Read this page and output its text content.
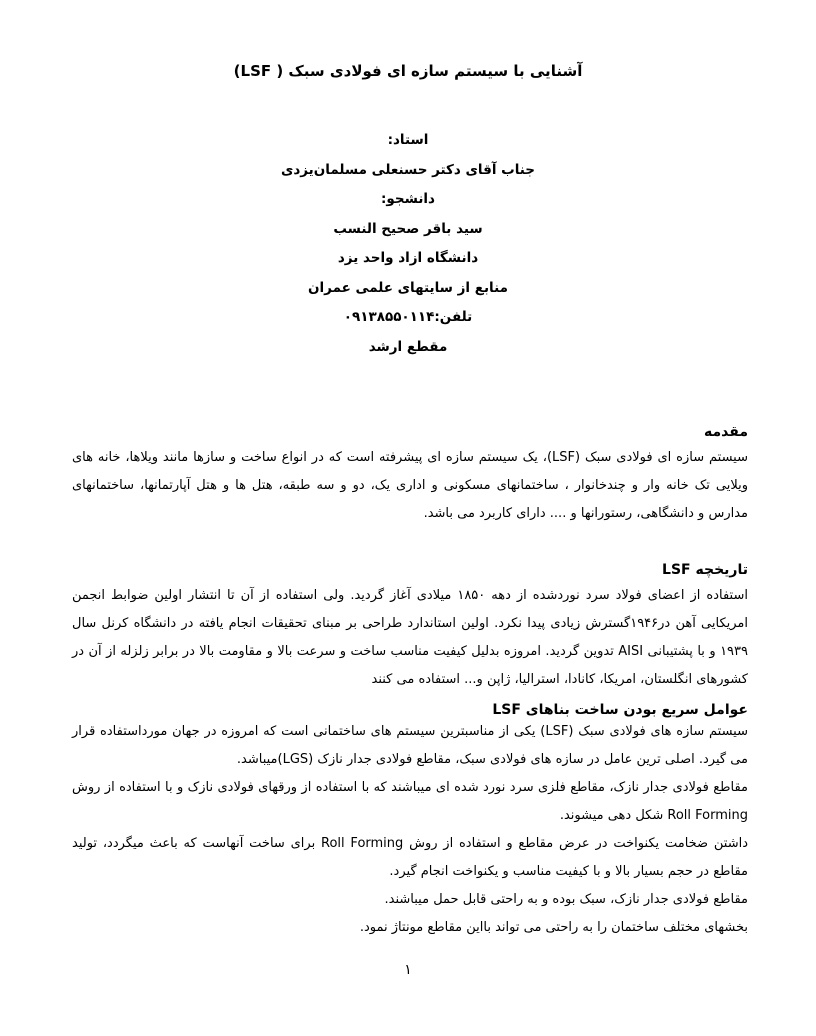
آشنایی با سیستم سازه ای فولادی سبک ( LSF)
استاد:
جناب آقای دکتر حسنعلی مسلمان‌یزدی
دانشجو:
سید باقر صحیح النسب
دانشگاه ازاد واحد یزد
منابع از سایتهای علمی عمران
تلفن:۰۹۱۳۸۵۵۰۱۱۴
مقطع ارشد

مقدمه

سیستم سازه ای فولادی سبک (LSF)، یک سیستم سازه ای پیشرفته است که در انواع ساخت و سازها مانند ویلاها، خانه های ویلایی تک خانه وار و چندخانوار ، ساختمانهای مسکونی و اداری یک، دو و سه طبقه، هتل ها و هتل آپارتمانها، ساختمانهای مدارس و دانشگاهی، رستورانها و .... دارای کاربرد می باشد.

تاریخچه LSF

استفاده از اعضای فولاد سرد نوردشده از دهه ۱۸۵۰ میلادی آغاز گردید. ولی استفاده از آن تا انتشار اولین ضوابط انجمن امریکایی آهن در۱۹۴۶گسترش زیادی پیدا نکرد. اولین استاندارد طراحی بر مبنای تحقیقات انجام یافته در دانشگاه کرنل سال ۱۹۳۹ و با پشتیبانی AISI تدوین گردید. امروزه بدلیل کیفیت مناسب ساخت و سرعت بالا و مقاومت بالا در برابر زلزله از آن در کشورهای انگلستان، امریکا، کانادا، استرالیا، ژاپن و... استفاده می کنند

عوامل سریع بودن ساخت بناهای LSF

سیستم سازه های فولادی سبک (LSF) یکی از مناسبترین سیستم های ساختمانی است که امروزه در جهان مورداستفاده قرار می گیرد. اصلی ترین عامل در سازه های فولادی سبک، مقاطع فولادی جدار نازک (LGS)میباشد.

مقاطع فولادی جدار نازک، مقاطع فلزی سرد نورد شده ای میباشند که با استفاده از ورقهای فولادی نازک و با استفاده از روش Roll Forming شکل دهی میشوند.

داشتن ضخامت یکنواخت در عرض مقاطع و استفاده از روش Roll Forming برای ساخت آنهاست که باعث میگردد، تولید مقاطع در حجم بسیار بالا و با کیفیت مناسب و یکنواخت انجام گیرد.

مقاطع فولادی جدار نازک، سبک بوده و به راحتی قابل حمل میباشند.

بخشهای مختلف ساختمان را به راحتی می تواند بااین مقاطع مونتاژ نمود.

۱
